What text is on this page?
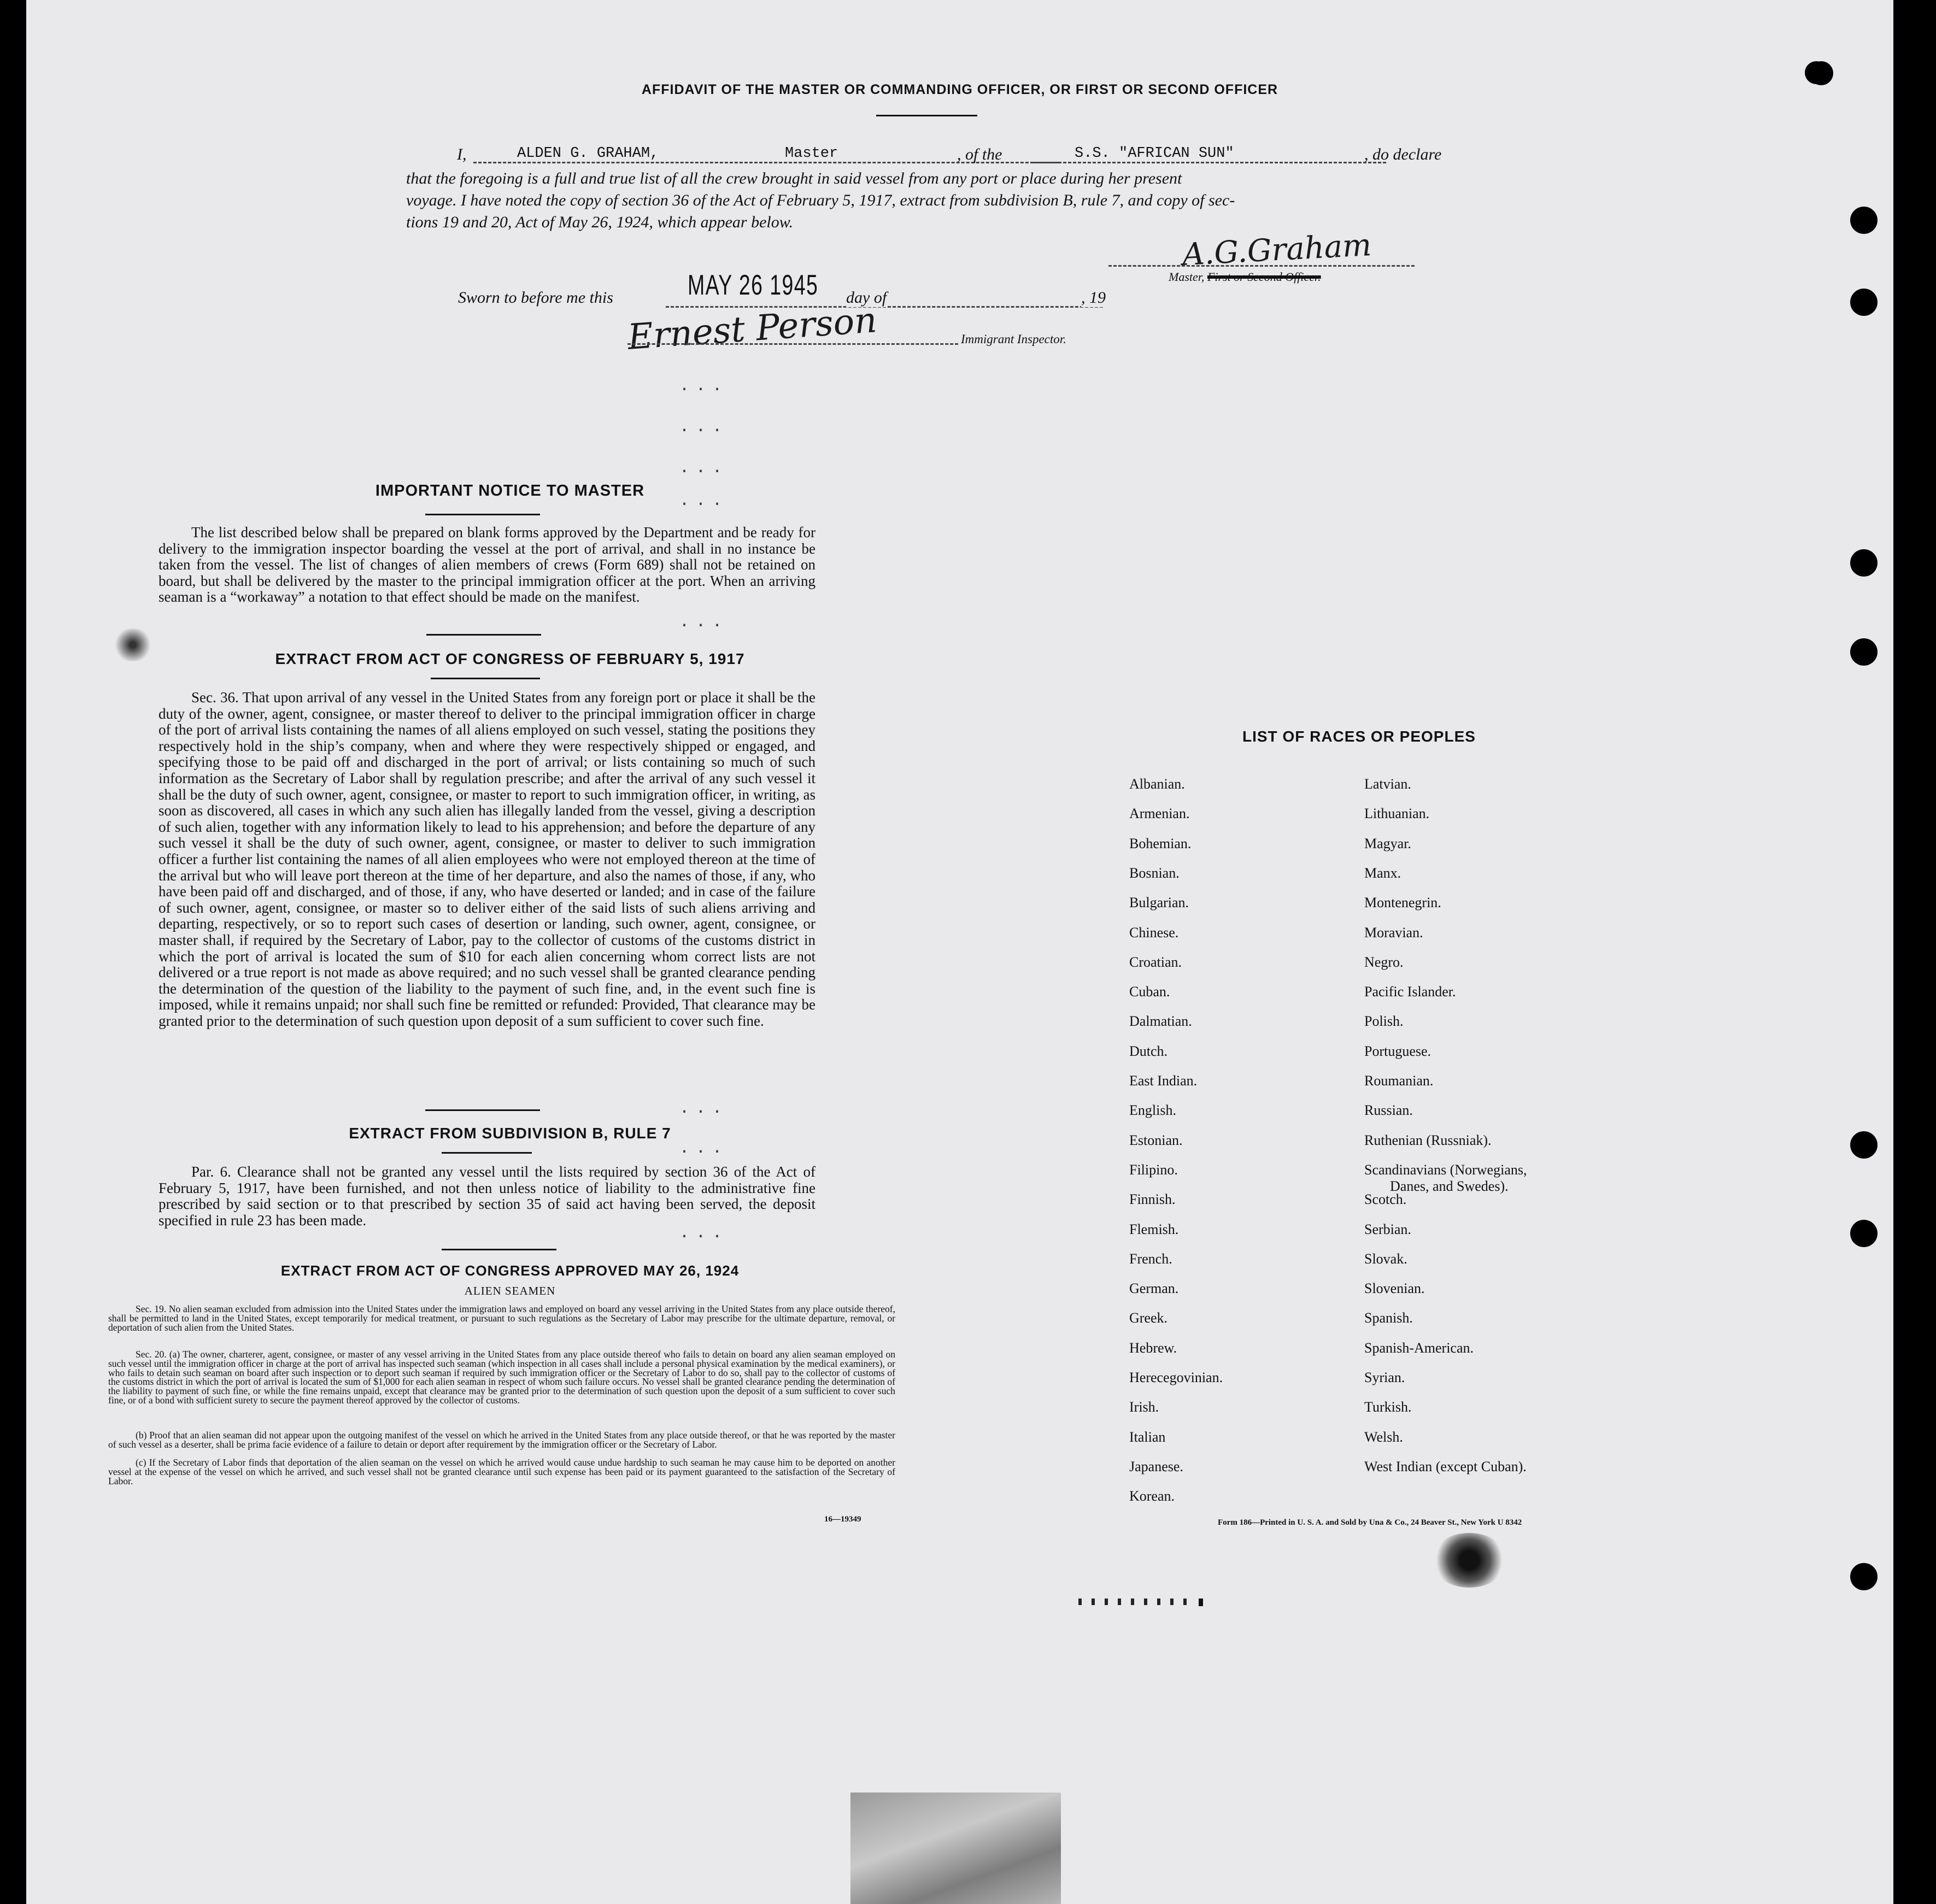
AFFIDAVIT OF THE MASTER OR COMMANDING OFFICER, OR FIRST OR SECOND OFFICER
I,	ALDEN G. GRAHAM,	Master	, of the	S.S. "AFRICAN SUN"	, do declare
that the foregoing is a full and true list of all the crew brought in said vessel from any port or place during her present
voyage. I have noted the copy of section 36 of the Act of February 5, 1917, extract from subdivision B, rule 7, and copy of sec-
tions 19 and 20, Act of May 26, 1924, which appear below.
A.G.Graham
Master, First or Second Officer.
Sworn to before me this	MAY 26 1945 day of	, 19
Ernest Person	Immigrant Inspector.
...
...
...
...
...
...
...
...
IMPORTANT NOTICE TO MASTER
The list described below shall be prepared on blank forms approved by the Department and be ready for delivery to the immigration inspector boarding the vessel at the port of arrival, and shall in no instance be taken from the vessel. The list of changes of alien members of crews (Form 689) shall not be retained on board, but shall be delivered by the master to the principal immigration officer at the port. When an arriving seaman is a “workaway” a notation to that effect should be made on the manifest.
EXTRACT FROM ACT OF CONGRESS OF FEBRUARY 5, 1917
Sec. 36. That upon arrival of any vessel in the United States from any foreign port or place it shall be the duty of the owner, agent, consignee, or master thereof to deliver to the principal immigration officer in charge of the port of arrival lists containing the names of all aliens employed on such vessel, stating the positions they respectively hold in the ship’s company, when and where they were respectively shipped or engaged, and specifying those to be paid off and discharged in the port of arrival; or lists containing so much of such information as the Secretary of Labor shall by regulation prescribe; and after the arrival of any such vessel it shall be the duty of such owner, agent, consignee, or master to report to such immigration officer, in writing, as soon as discovered, all cases in which any such alien has illegally landed from the vessel, giving a description of such alien, together with any information likely to lead to his apprehension; and before the departure of any such vessel it shall be the duty of such owner, agent, consignee, or master to deliver to such immigration officer a further list containing the names of all alien employees who were not employed thereon at the time of the arrival but who will leave port thereon at the time of her departure, and also the names of those, if any, who have been paid off and discharged, and of those, if any, who have deserted or landed; and in case of the failure of such owner, agent, consignee, or master so to deliver either of the said lists of such aliens arriving and departing, respectively, or so to report such cases of desertion or landing, such owner, agent, consignee, or master shall, if required by the Secretary of Labor, pay to the collector of customs of the customs district in which the port of arrival is located the sum of $10 for each alien concerning whom correct lists are not delivered or a true report is not made as above required; and no such vessel shall be granted clearance pending the determination of the question of the liability to the payment of such fine, and, in the event such fine is imposed, while it remains unpaid; nor shall such fine be remitted or refunded: Provided, That clearance may be granted prior to the determination of such question upon deposit of a sum sufficient to cover such fine.
EXTRACT FROM SUBDIVISION B, RULE 7
Par. 6. Clearance shall not be granted any vessel until the lists required by section 36 of the Act of February 5, 1917, have been furnished, and not then unless notice of liability to the administrative fine prescribed by said section or to that prescribed by section 35 of said act having been served, the deposit specified in rule 23 has been made.
EXTRACT FROM ACT OF CONGRESS APPROVED MAY 26, 1924
ALIEN SEAMEN
Sec. 19. No alien seaman excluded from admission into the United States under the immigration laws and employed on board any vessel arriving in the United States from any place outside thereof, shall be permitted to land in the United States, except temporarily for medical treatment, or pursuant to such regulations as the Secretary of Labor may prescribe for the ultimate departure, removal, or deportation of such alien from the United States.
Sec. 20. (a) The owner, charterer, agent, consignee, or master of any vessel arriving in the United States from any place outside thereof who fails to detain on board any alien seaman employed on such vessel until the immigration officer in charge at the port of arrival has inspected such seaman (which inspection in all cases shall include a personal physical examination by the medical examiners), or who fails to detain such seaman on board after such inspection or to deport such seaman if required by such immigration officer or the Secretary of Labor to do so, shall pay to the collector of customs of the customs district in which the port of arrival is located the sum of $1,000 for each alien seaman in respect of whom such failure occurs. No vessel shall be granted clearance pending the determination of the liability to payment of such fine, or while the fine remains unpaid, except that clearance may be granted prior to the determination of such question upon the deposit of a sum sufficient to cover such fine, or of a bond with sufficient surety to secure the payment thereof approved by the collector of customs.
(b) Proof that an alien seaman did not appear upon the outgoing manifest of the vessel on which he arrived in the United States from any place outside thereof, or that he was reported by the master of such vessel as a deserter, shall be prima facie evidence of a failure to detain or deport after requirement by the immigration officer or the Secretary of Labor.
(c) If the Secretary of Labor finds that deportation of the alien seaman on the vessel on which he arrived would cause undue hardship to such seaman he may cause him to be deported on another vessel at the expense of the vessel on which he arrived, and such vessel shall not be granted clearance until such expense has been paid or its payment guaranteed to the satisfaction of the Secretary of Labor.
16—19349
LIST OF RACES OR PEOPLES
Form 186—Printed in U. S. A. and Sold by Una & Co., 24 Beaver St., New York U 8342
Albanian.
Armenian.
Bohemian.
Bosnian.
Bulgarian.
Chinese.
Croatian.
Cuban.
Dalmatian.
Dutch.
East Indian.
English.
Estonian.
Filipino.
Finnish.
Flemish.
French.
German.
Greek.
Hebrew.
Herecegovinian.
Irish.
Italian
Japanese.
Korean.
Latvian.
Lithuanian.
Magyar.
Manx.
Montenegrin.
Moravian.
Negro.
Pacific Islander.
Polish.
Portuguese.
Roumanian.
Russian.
Ruthenian (Russniak).
Scandinavians (Norwegians,
Danes, and Swedes).
Scotch.
Serbian.
Slovak.
Slovenian.
Spanish.
Spanish-American.
Syrian.
Turkish.
Welsh.
West Indian (except Cuban).
